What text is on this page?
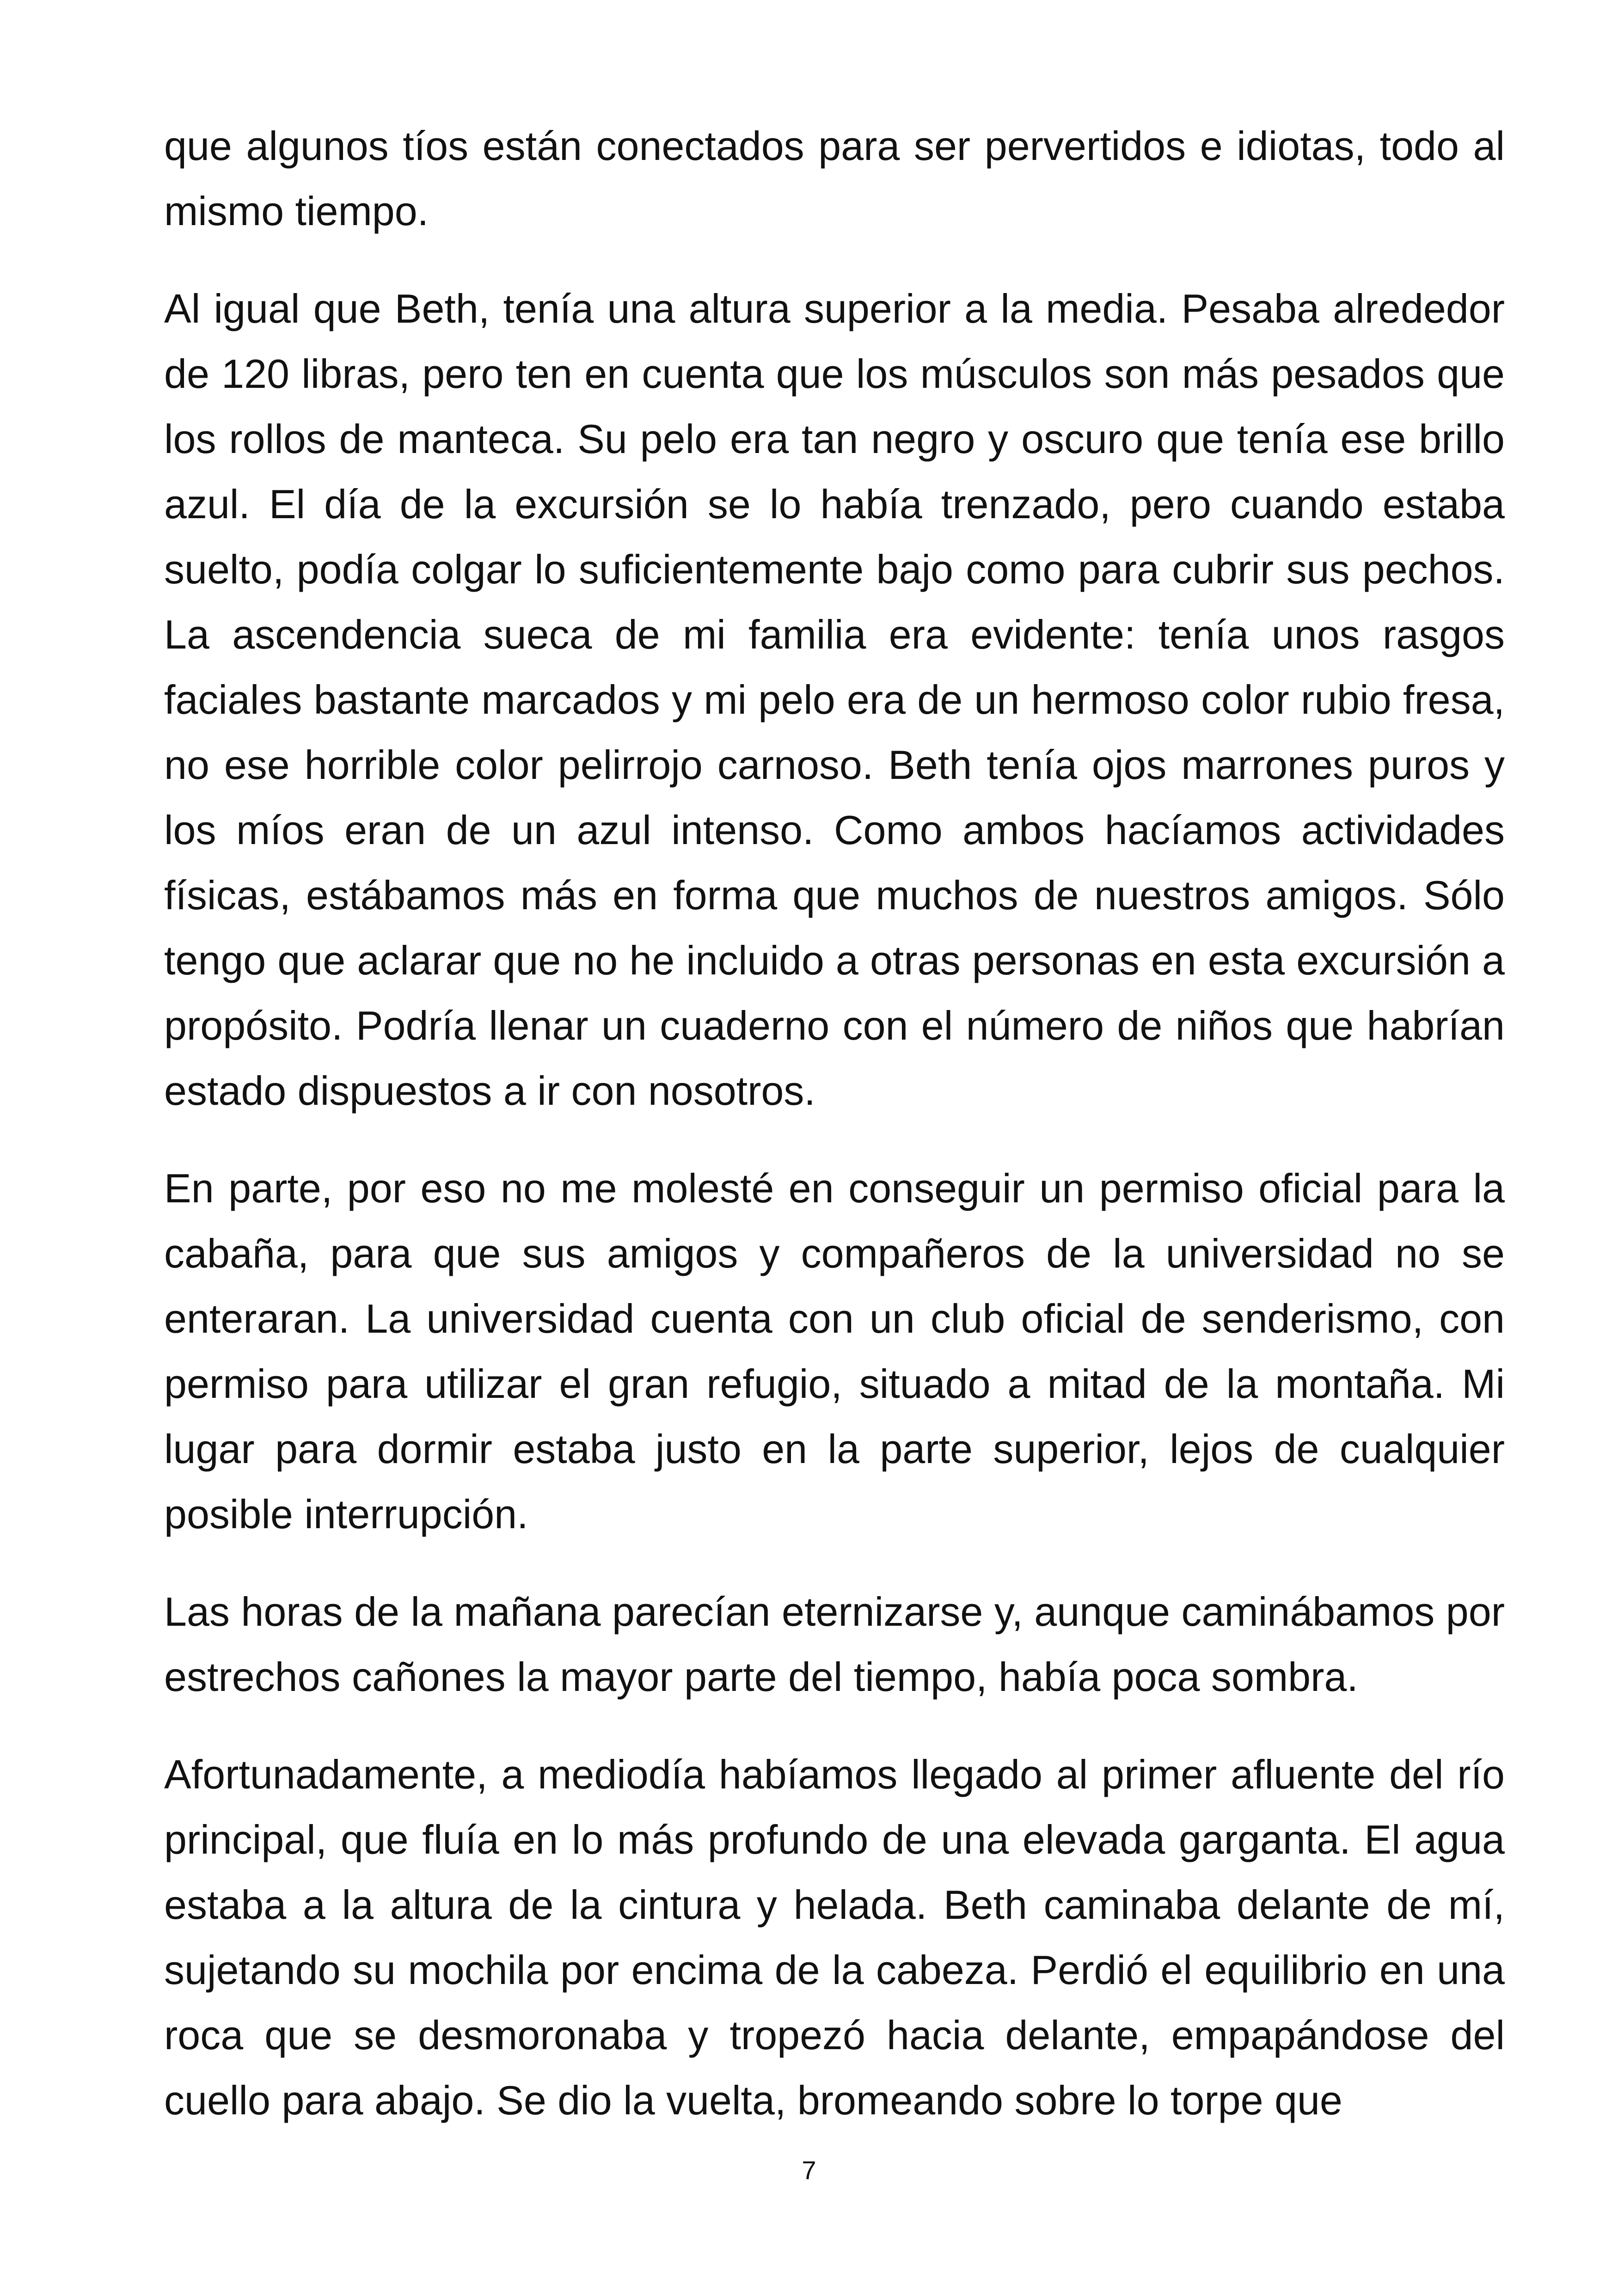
que algunos tíos están conectados para ser pervertidos e idiotas, todo al mismo tiempo.

Al igual que Beth, tenía una altura superior a la media. Pesaba alrededor de 120 libras, pero ten en cuenta que los músculos son más pesados que los rollos de manteca. Su pelo era tan negro y oscuro que tenía ese brillo azul. El día de la excursión se lo había trenzado, pero cuando estaba suelto, podía colgar lo suficientemente bajo como para cubrir sus pechos. La ascendencia sueca de mi familia era evidente: tenía unos rasgos faciales bastante marcados y mi pelo era de un hermoso color rubio fresa, no ese horrible color pelirrojo carnoso. Beth tenía ojos marrones puros y los míos eran de un azul intenso. Como ambos hacíamos actividades físicas, estábamos más en forma que muchos de nuestros amigos. Sólo tengo que aclarar que no he incluido a otras personas en esta excursión a propósito. Podría llenar un cuaderno con el número de niños que habrían estado dispuestos a ir con nosotros.

En parte, por eso no me molesté en conseguir un permiso oficial para la cabaña, para que sus amigos y compañeros de la universidad no se enteraran. La universidad cuenta con un club oficial de senderismo, con permiso para utilizar el gran refugio, situado a mitad de la montaña. Mi lugar para dormir estaba justo en la parte superior, lejos de cualquier posible interrupción.

Las horas de la mañana parecían eternizarse y, aunque caminábamos por estrechos cañones la mayor parte del tiempo, había poca sombra.

Afortunadamente, a mediodía habíamos llegado al primer afluente del río principal, que fluía en lo más profundo de una elevada garganta. El agua estaba a la altura de la cintura y helada. Beth caminaba delante de mí, sujetando su mochila por encima de la cabeza. Perdió el equilibrio en una roca que se desmoronaba y tropezó hacia delante, empapándose del cuello para abajo. Se dio la vuelta, bromeando sobre lo torpe que

7
